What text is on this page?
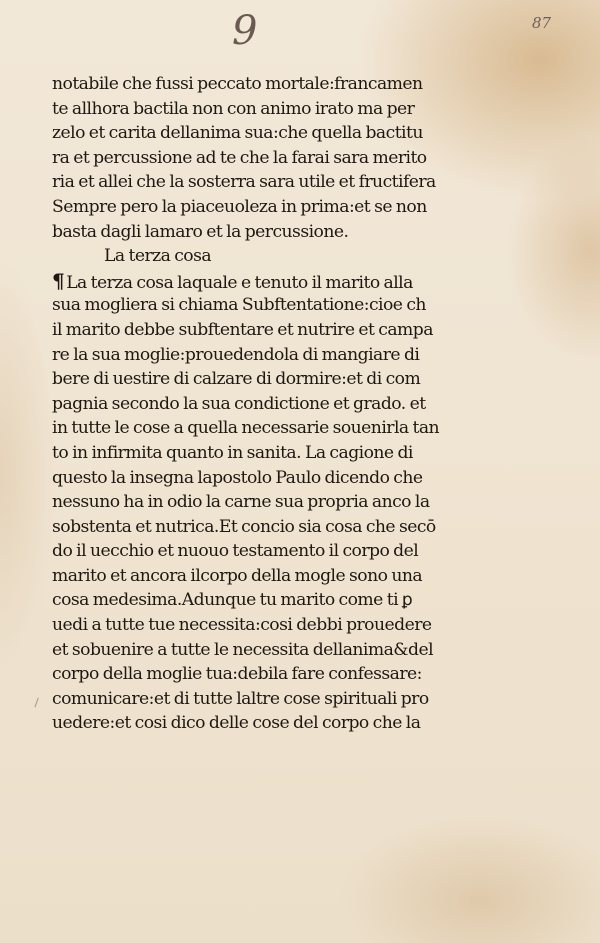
9	87
notabile che fussi peccato mortale:francamen
te allhora bactila non con animo irato ma per
zelo et carita dellanima sua:che quella bactitu
ra et percussione ad te che la farai sara merito
ria et allei che la sosterra sara utile et fructifera
Sempre pero la piaceuoleza in prima:et se non
basta dagli lamaro et la percussione.
La terza cosa
¶ La terza cosa laquale e tenuto il marito alla
sua mogliera si chiama Subftentatione:cioe ch
il marito debbe subftentare et nutrire et campa
re la sua moglie:prouedendola di mangiare di
bere di uestire di calzare di dormire:et di com
pagnia secondo la sua condictione et grado. et
in tutte le cose a quella necessarie souenirla tan
to in infirmita quanto in sanita. La cagione di
questo la insegna lapostolo Paulo dicendo che
nessuno ha in odio la carne sua propria anco la
sobstenta et nutrica.Et concio sia cosa che secō
do il uecchio et nuouo testamento il corpo del
marito et ancora ilcorpo della mogle sono una
cosa medesima.Adunque tu marito come ti ꝑ
uedi a tutte tue necessita:cosi debbi prouedere
et sobuenire a tutte le necessita dellanima&del
corpo della moglie tua:debila fare confessare:
comunicare:et di tutte laltre cose spirituali pro
uedere:et cosi dico delle cose del corpo che la
